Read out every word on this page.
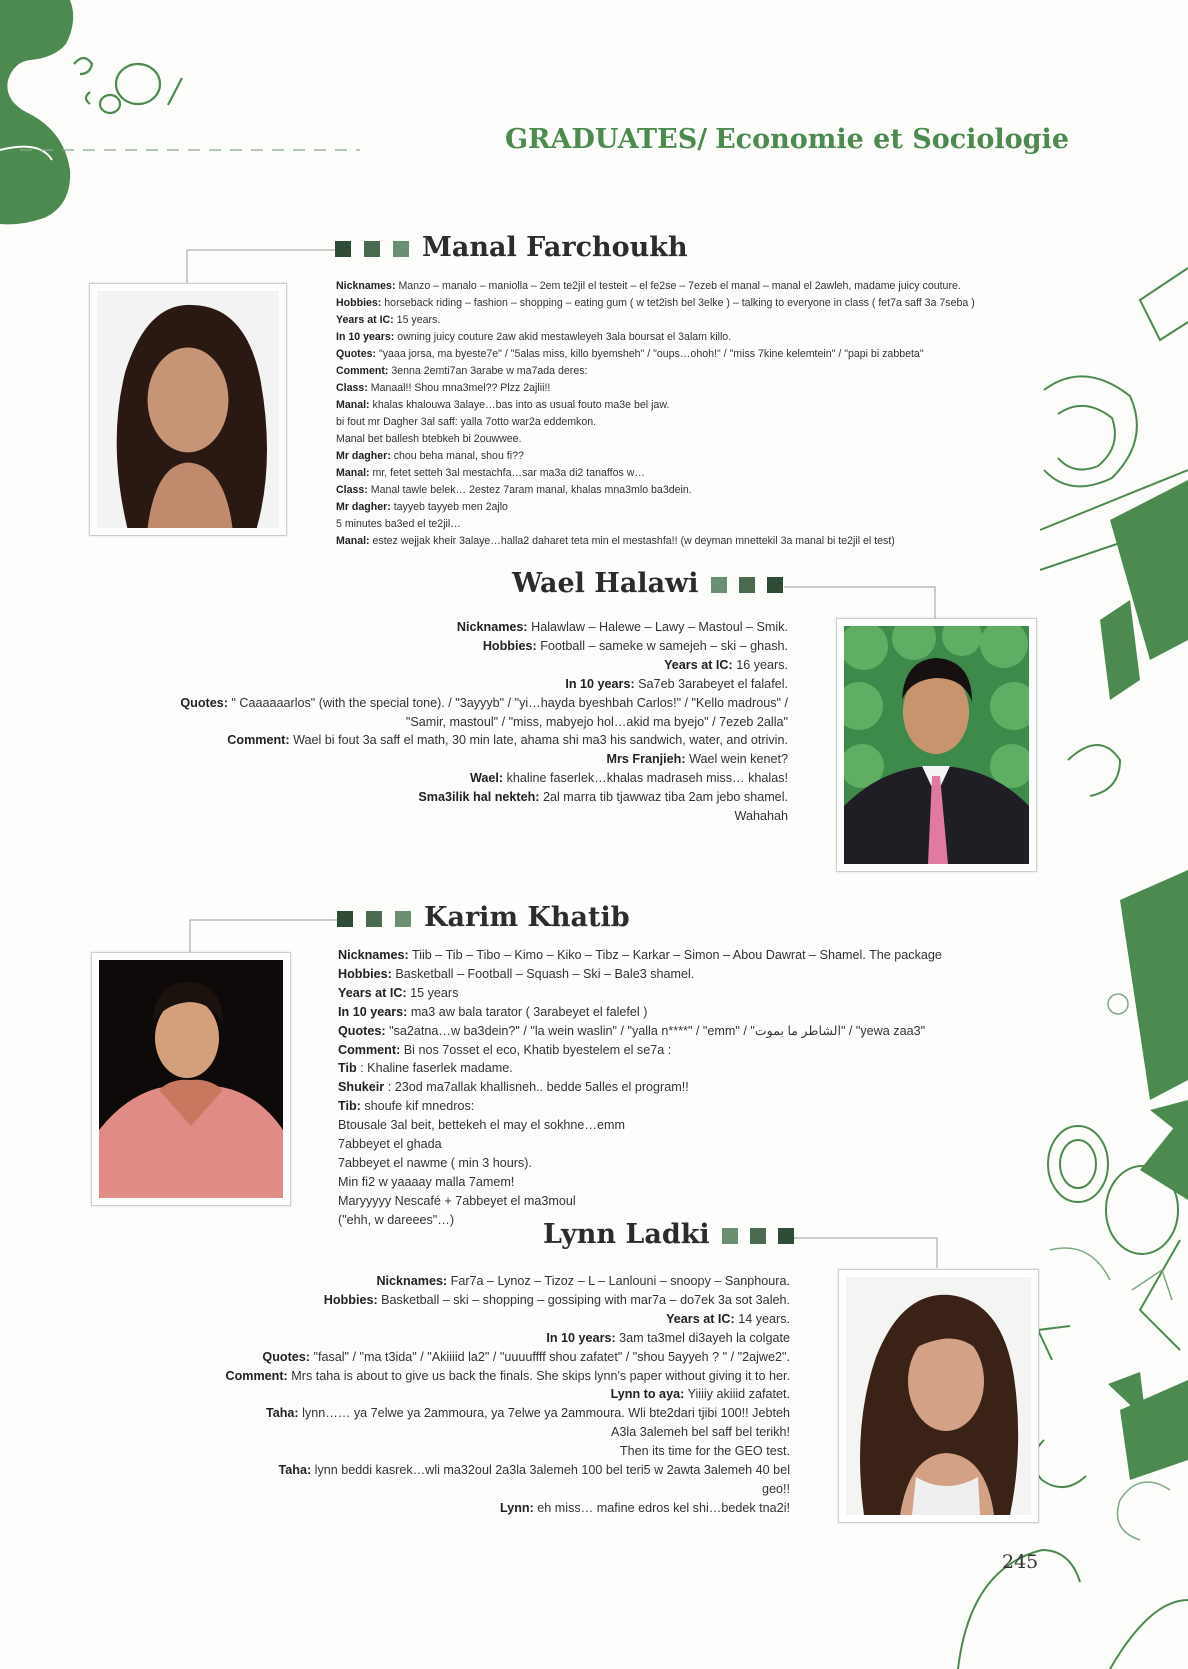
GRADUATES/ Economie et Sociologie
Manal Farchoukh
Nicknames: Manzo – manalo – maniolla – 2em te2jil el testeit – el fe2se – 7ezeb el manal – manal el 2awleh, madame juicy couture.
Hobbies: horseback riding – fashion – shopping – eating gum ( w tet2ish bel 3elke ) – talking to everyone in class ( fet7a saff 3a 7seba )
Years at IC: 15 years.
In 10 years: owning juicy couture 2aw akid mestawleyeh 3ala boursat el 3alam killo.
Quotes: "yaaa jorsa, ma byeste7e" / "5alas miss, killo byemsheh" / "oups…ohoh!" / "miss 7kine kelemtein" / "papi bi zabbeta"
Comment: 3enna 2emti7an 3arabe w ma7ada deres:
Class: Manaal!! Shou mna3mel?? Plzz 2ajlii!!
Manal: khalas khalouwa 3alaye…bas into as usual fouto ma3e bel jaw.
bi fout mr Dagher 3al saff: yalla 7otto war2a eddemkon.
Manal bet ballesh btebkeh bi 2ouwwee.
Mr dagher: chou beha manal, shou fi??
Manal: mr, fetet setteh 3al mestachfa…sar ma3a di2 tanaffos w…
Class: Manal tawle belek… 2estez 7aram manal, khalas mna3mlo ba3dein.
Mr dagher: tayyeb tayyeb men 2ajlo
5 minutes ba3ed el te2jil…
Manal: estez wejjak kheir 3alaye…halla2 daharet teta min el mestashfa!! (w deyman mnettekil 3a manal bi te2jil el test)
Wael Halawi
Nicknames: Halawlaw – Halewe – Lawy – Mastoul – Smik.
Hobbies: Football – sameke w samejeh – ski – ghash.
Years at IC: 16 years.
In 10 years: Sa7eb 3arabeyet el falafel.
Quotes: " Caaaaaarlos" (with the special tone). / "3ayyyb" / "yi…hayda byeshbah Carlos!" / "Kello madrous" /
"Samir, mastoul" / "miss, mabyejo hol…akid ma byejo" / 7ezeb 2alla"
Comment: Wael bi fout 3a saff el math, 30 min late, ahama shi ma3 his sandwich, water, and otrivin.
Mrs Franjieh: Wael wein kenet?
Wael: khaline faserlek…khalas madraseh miss… khalas!
Sma3ilik hal nekteh: 2al marra tib tjawwaz tiba 2am jebo shamel.
Wahahah
Karim Khatib
Nicknames: Tiib – Tib – Tibo – Kimo – Kiko – Tibz – Karkar – Simon – Abou Dawrat – Shamel. The package
Hobbies: Basketball – Football – Squash – Ski – Bale3 shamel.
Years at IC: 15 years
In 10 years: ma3 aw bala tarator ( 3arabeyet el falefel )
Quotes: "sa2atna…w ba3dein?" / "la wein waslin" / "yalla n****" / "emm" / "الشاطر ما بموت" / "yewa zaa3"
Comment: Bi nos 7osset el eco, Khatib byestelem el se7a :
Tib : Khaline faserlek madame.
Shukeir : 23od ma7allak khallisneh.. bedde 5alles el program!!
Tib: shoufe kif mnedros:
Btousale 3al beit, bettekeh el may el sokhne…emm
7abbeyet el ghada
7abbeyet el nawme ( min 3 hours).
Min fi2 w yaaaay malla 7amem!
Maryyyyy Nescafé + 7abbeyet el ma3moul
("ehh, w dareees"…)	Lynn Ladki
Nicknames: Far7a – Lynoz – Tizoz – L – Lanlouni – snoopy – Sanphoura.
Hobbies: Basketball – ski – shopping – gossiping with mar7a – do7ek 3a sot 3aleh.
Years at IC: 14 years.
In 10 years: 3am ta3mel di3ayeh la colgate
Quotes: "fasal" / "ma t3ida" / "Akiiiid la2" / "uuuuffff shou zafatet" / "shou 5ayyeh ? " / "2ajwe2".
Comment: Mrs taha is about to give us back the finals. She skips lynn's paper without giving it to her.
Lynn to aya: Yiiiiy akiiid zafatet.
Taha: lynn…… ya 7elwe ya 2ammoura, ya 7elwe ya 2ammoura. Wli bte2dari tjibi 100!! Jebteh
A3la 3alemeh bel saff bel terikh!
Then its time for the GEO test.
Taha: lynn beddi kasrek…wli ma32oul 2a3la 3alemeh 100 bel teri5 w 2awta 3alemeh 40 bel
geo!!
Lynn: eh miss… mafine edros kel shi…bedek tna2i!
245
